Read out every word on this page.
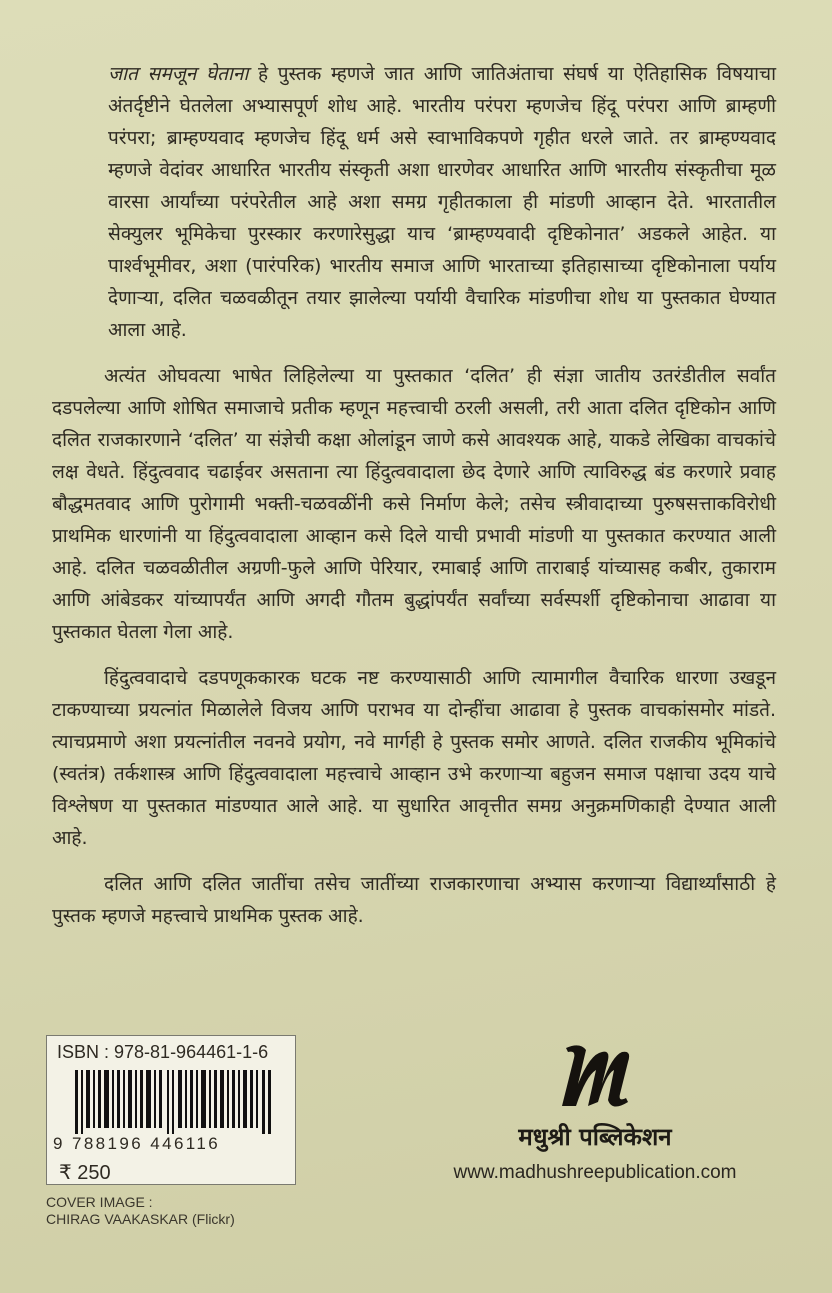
जात समजून घेताना हे पुस्तक म्हणजे जात आणि जातिअंताचा संघर्ष या ऐतिहासिक विषयाचा अंतर्दृष्टीने घेतलेला अभ्यासपूर्ण शोध आहे. भारतीय परंपरा म्हणजेच हिंदू परंपरा आणि ब्राम्हणी परंपरा; ब्राम्हण्यवाद म्हणजेच हिंदू धर्म असे स्वाभाविकपणे गृहीत धरले जाते. तर ब्राम्हण्यवाद म्हणजे वेदांवर आधारित भारतीय संस्कृती अशा धारणेवर आधारित आणि भारतीय संस्कृतीचा मूळ वारसा आर्यांच्या परंपरेतील आहे अशा समग्र गृहीतकाला ही मांडणी आव्हान देते. भारतातील सेक्युलर भूमिकेचा पुरस्कार करणारेसुद्धा याच ‘ब्राम्हण्यवादी दृष्टिकोनात’ अडकले आहेत. या पार्श्वभूमीवर, अशा (पारंपरिक) भारतीय समाज आणि भारताच्या इतिहासाच्या दृष्टिकोनाला पर्याय देणाऱ्या, दलित चळवळीतून तयार झालेल्या पर्यायी वैचारिक मांडणीचा शोध या पुस्तकात घेण्यात आला आहे.

अत्यंत ओघवत्या भाषेत लिहिलेल्या या पुस्तकात ‘दलित’ ही संज्ञा जातीय उतरंडीतील सर्वांत दडपलेल्या आणि शोषित समाजाचे प्रतीक म्हणून महत्त्वाची ठरली असली, तरी आता दलित दृष्टिकोन आणि दलित राजकारणाने ‘दलित’ या संज्ञेची कक्षा ओलांडून जाणे कसे आवश्यक आहे, याकडे लेखिका वाचकांचे लक्ष वेधते. हिंदुत्ववाद चढाईवर असताना त्या हिंदुत्ववादाला छेद देणारे आणि त्याविरुद्ध बंड करणारे प्रवाह बौद्धमतवाद आणि पुरोगामी भक्ती-चळवळींनी कसे निर्माण केले; तसेच स्त्रीवादाच्या पुरुषसत्ताकविरोधी प्राथमिक धारणांनी या हिंदुत्ववादाला आव्हान कसे दिले याची प्रभावी मांडणी या पुस्तकात करण्यात आली आहे. दलित चळवळीतील अग्रणी-फुले आणि पेरियार, रमाबाई आणि ताराबाई यांच्यासह कबीर, तुकाराम आणि आंबेडकर यांच्यापर्यंत आणि अगदी गौतम बुद्धांपर्यंत सर्वांच्या सर्वस्पर्शी दृष्टिकोनाचा आढावा या पुस्तकात घेतला गेला आहे.

हिंदुत्ववादाचे दडपणूककारक घटक नष्ट करण्यासाठी आणि त्यामागील वैचारिक धारणा उखडून टाकण्याच्या प्रयत्नांत मिळालेले विजय आणि पराभव या दोन्हींचा आढावा हे पुस्तक वाचकांसमोर मांडते. त्याचप्रमाणे अशा प्रयत्नांतील नवनवे प्रयोग, नवे मार्गही हे पुस्तक समोर आणते. दलित राजकीय भूमिकांचे (स्वतंत्र) तर्कशास्त्र आणि हिंदुत्ववादाला महत्त्वाचे आव्हान उभे करणाऱ्या बहुजन समाज पक्षाचा उदय याचे विश्लेषण या पुस्तकात मांडण्यात आले आहे. या सुधारित आवृत्तीत समग्र अनुक्रमणिकाही देण्यात आली आहे.

दलित आणि दलित जातींचा तसेच जातींच्या राजकारणाचा अभ्यास करणाऱ्या विद्यार्थ्यांसाठी हे पुस्तक म्हणजे महत्त्वाचे प्राथमिक पुस्तक आहे.

ISBN : 978-81-964461-1-6
9 788196 446116
₹ 250
COVER IMAGE :
CHIRAG VAAKASKAR (Flickr)
मधुश्री पब्लिकेशन
www.madhushreepublication.com
